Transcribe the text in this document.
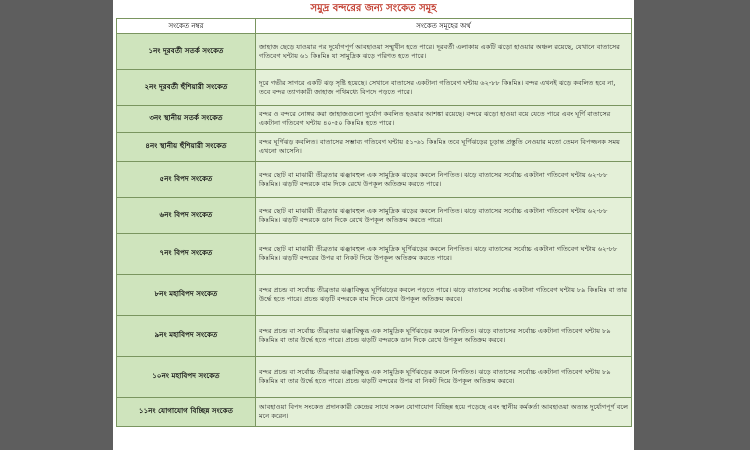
সমুদ্র বন্দরের জন্য সংকেত সমূহ
সংকেত নম্বর	সংকেত সমূহের অর্থ
১নং দূরবর্তী সতর্ক সংকেত	জাহাজ ছেড়ে যাওয়ার পর দুর্যোগপূর্ণ আবহাওয়া সম্মুখীন হতে পারে। দূরবর্তী এলাকায় একটি ঝড়ো হাওয়ার অঞ্চল রয়েছে, যেখানে বাতাসের গতিবেগ ঘন্টায় ৬১ কিঃমিঃ যা সামুদ্রিক ঝড়ে পরিণত হতে পারে।
২নং দূরবর্তী হুঁশিয়ারী সংকেত	দূরে গভীর সাগরে একটি ঝড় সৃষ্টি হয়েছে। সেখানে বাতাসের একটানা গতিবেগ ঘন্টায় ৬২-৮৮ কিঃমিঃ। বন্দর এখনই ঝড়ে কবলিত হবে না, তবে বন্দর ত্যাগকারী জাহাজ পথিমধ্যে বিপদে পড়তে পারে।
৩নং স্থানীয় সতর্ক সংকেত	বন্দর ও বন্দরে নোঙ্গর করা জাহাজগুলো দুর্যোগ কবলিত হওয়ার আশঙ্কা রয়েছে। বন্দরে ঝড়ো হাওয়া বয়ে যেতে পারে এবং ঘূর্ণি বাতাসের একটানা গতিবেগ ঘন্টায় ৪০-৫০ কিঃমিঃ হতে পারে।
৪নং স্থানীয় হুঁশিয়ারী সংকেত	বন্দর ঘূর্ণিঝড় কবলিত। বাতাসের সম্ভাব্য গতিবেগ ঘন্টায় ৫১-৬১ কিঃমিঃ তবে ঘূর্ণিঝড়ের চূড়ান্ত প্রস্তুতি নেওয়ার মতো তেমন বিপজ্জনক সময় এখনো আসেনি।
৫নং বিপদ সংকেত	বন্দর ছোট বা মাঝারী তীব্রতার ঝঞ্ঝাবহুল এক সামুদ্রিক ঝড়ের কবলে নিপতিত। ঝড়ে বাতাসের সর্বোচ্চ একটানা গতিবেগ ঘন্টায় ৬২-৮৮ কিঃমিঃ। ঝড়টি বন্দরকে বাম দিকে রেখে উপকূল অতিক্রম করতে পারে।
৬নং বিপদ সংকেত	বন্দর ছোট বা মাঝারী তীব্রতার ঝঞ্ঝাবহুল এক সামুদ্রিক ঝড়ের কবলে নিপতিত। ঝড়ে বাতাসের সর্বোচ্চ একটানা গতিবেগ ঘন্টায় ৬২-৮৮ কিঃমিঃ। ঝড়টি বন্দরকে ডান দিকে রেখে উপকূল অতিক্রম করতে পারে।
৭নং বিপদ সংকেত	বন্দর ছোট বা মাঝারী তীব্রতার ঝঞ্ঝাবহুল এক সামুদ্রিক ঘূর্ণিঝড়ের কবলে নিপতিত। ঝড়ে বাতাসের সর্বোচ্চ একটানা গতিবেগ ঘন্টায় ৬২-৮৮ কিঃমিঃ। ঝড়টি বন্দরের উপর বা নিকট দিয়ে উপকূল অতিক্রম করতে পারে।
৮নং মহাবিপদ সংকেত	বন্দর প্রচন্ড বা সর্বোচ্চ তীব্রতার ঝঞ্ঝাবিক্ষুব্ধ ঘূর্ণিঝড়ের কবলে পড়তে পারে। ঝড়ে বাতাসের সর্বোচ্চ একটানা গতিবেগ ঘন্টায় ৮৯ কিঃমিঃ বা তার উর্দ্ধে হতে পারে। প্রচন্ড ঝড়টি বন্দরকে বাম দিকে রেখে উপকূল অতিক্রম করবে।
৯নং মহাবিপদ সংকেত	বন্দর প্রচন্ড বা সর্বোচ্চ তীব্রতার ঝঞ্ঝাবিক্ষুব্ধ এক সামুদ্রিক ঘূর্ণিঝড়ের কবলে নিপতিত। ঝড়ে বাতাসের সর্বোচ্চ একটানা গতিবেগ ঘন্টায় ৮৯ কিঃমিঃ বা তার উর্দ্ধে হতে পারে। প্রচন্ড ঝড়টি বন্দরকে ডান দিকে রেখে উপকূল অতিক্রম করবে।
১০নং মহাবিপদ সংকেত	বন্দর প্রচন্ড বা সর্বোচ্চ তীব্রতার ঝঞ্ঝাবিক্ষুব্ধ এক সামুদ্রিক ঘূর্ণিঝড়ের কবলে নিপতিত। ঝড়ে বাতাসের সর্বোচ্চ একটানা গতিবেগ ঘন্টায় ৮৯ কিঃমিঃ বা তার উর্দ্ধে হতে পারে। প্রচন্ড ঝড়টি বন্দরের উপর বা নিকট দিয়ে উপকূল অতিক্রম করবে।
১১নং যোগাযোগ বিচ্ছিন্ন সংকেত	আবহাওয়া বিপদ সংকেত প্রদানকারী কেন্দ্রের সাথে সকল যোগাযোগ বিচ্ছিন্ন হয়ে পড়েছে এবং স্থানীয় কর্মকর্তা আবহাওয়া অত্যন্ত দুর্যোগপূর্ণ বলে মনে করেন।
